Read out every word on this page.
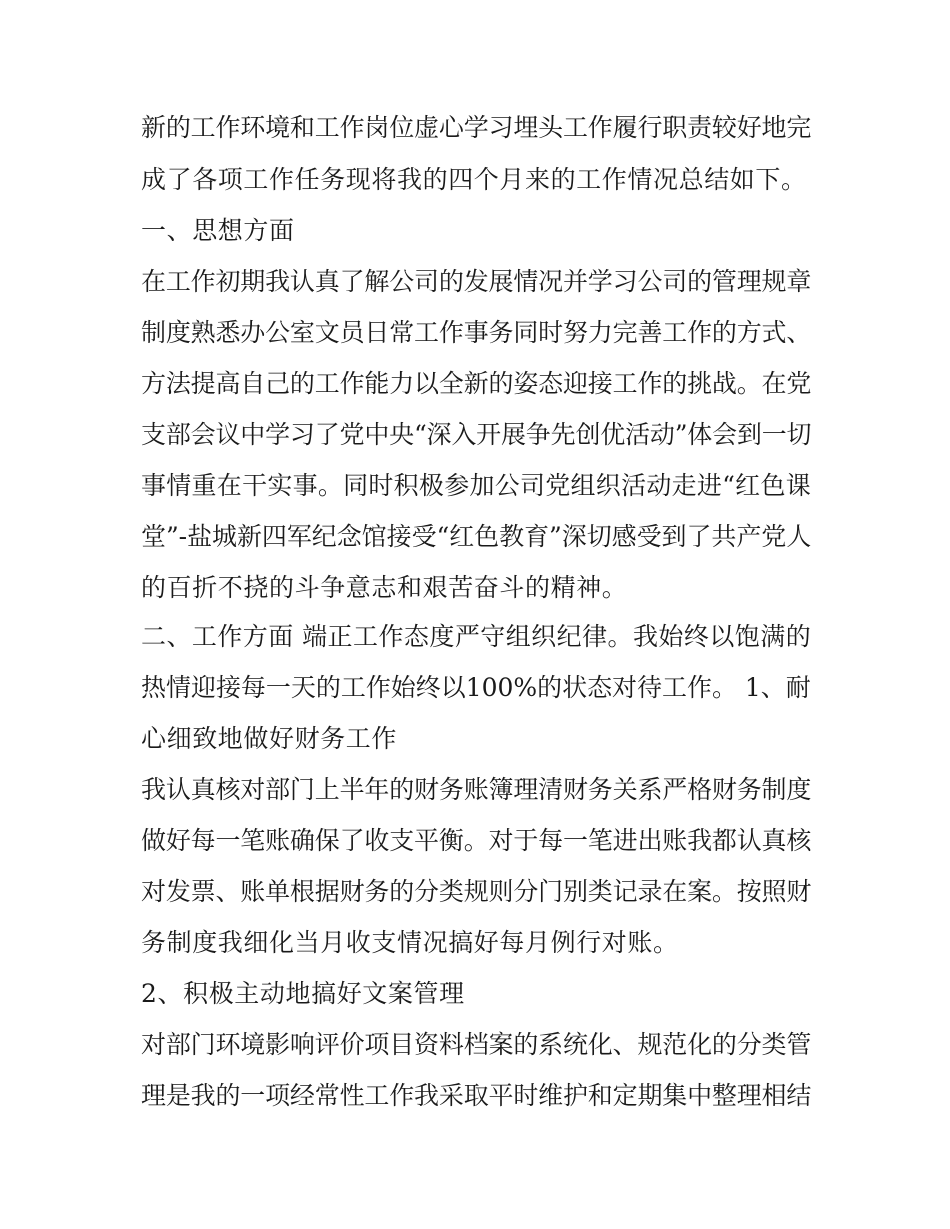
新的工作环境和工作岗位虚心学习埋头工作履行职责较好地完

成了各项工作任务现将我的四个月来的工作情况总结如下。

一、思想方面

在工作初期我认真了解公司的发展情况并学习公司的管理规章

制度熟悉办公室文员日常工作事务同时努力完善工作的方式、

方法提高自己的工作能力以全新的姿态迎接工作的挑战。在党

支部会议中学习了党中央“深入开展争先创优活动”体会到一切

事情重在干实事。同时积极参加公司党组织活动走进“红色课

堂”-盐城新四军纪念馆接受“红色教育”深切感受到了共产党人

的百折不挠的斗争意志和艰苦奋斗的精神。

二、工作方面 端正工作态度严守组织纪律。我始终以饱满的

热情迎接每一天的工作始终以100%的状态对待工作。 1、耐

心细致地做好财务工作

我认真核对部门上半年的财务账簿理清财务关系严格财务制度

做好每一笔账确保了收支平衡。对于每一笔进出账我都认真核

对发票、账单根据财务的分类规则分门别类记录在案。按照财

务制度我细化当月收支情况搞好每月例行对账。

2、积极主动地搞好文案管理

对部门环境影响评价项目资料档案的系统化、规范化的分类管

理是我的一项经常性工作我采取平时维护和定期集中整理相结
